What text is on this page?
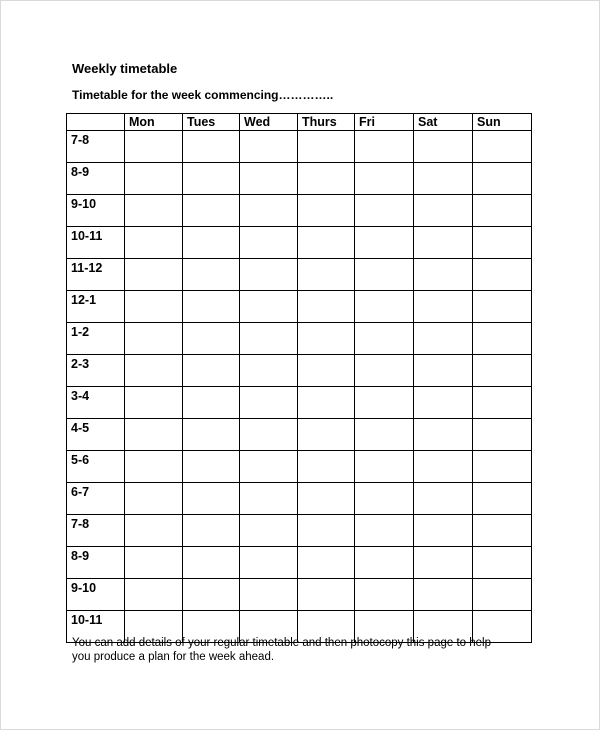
Weekly timetable
Timetable for the week commencing…………..
	Mon	Tues	Wed	Thurs	Fri	Sat	Sun
7-8							
8-9							
9-10							
10-11							
11-12							
12-1							
1-2							
2-3							
3-4							
4-5							
5-6							
6-7							
7-8							
8-9							
9-10							
10-11							
You can add details of your regular timetable and then photocopy this page to help
you produce a plan for the week ahead.
